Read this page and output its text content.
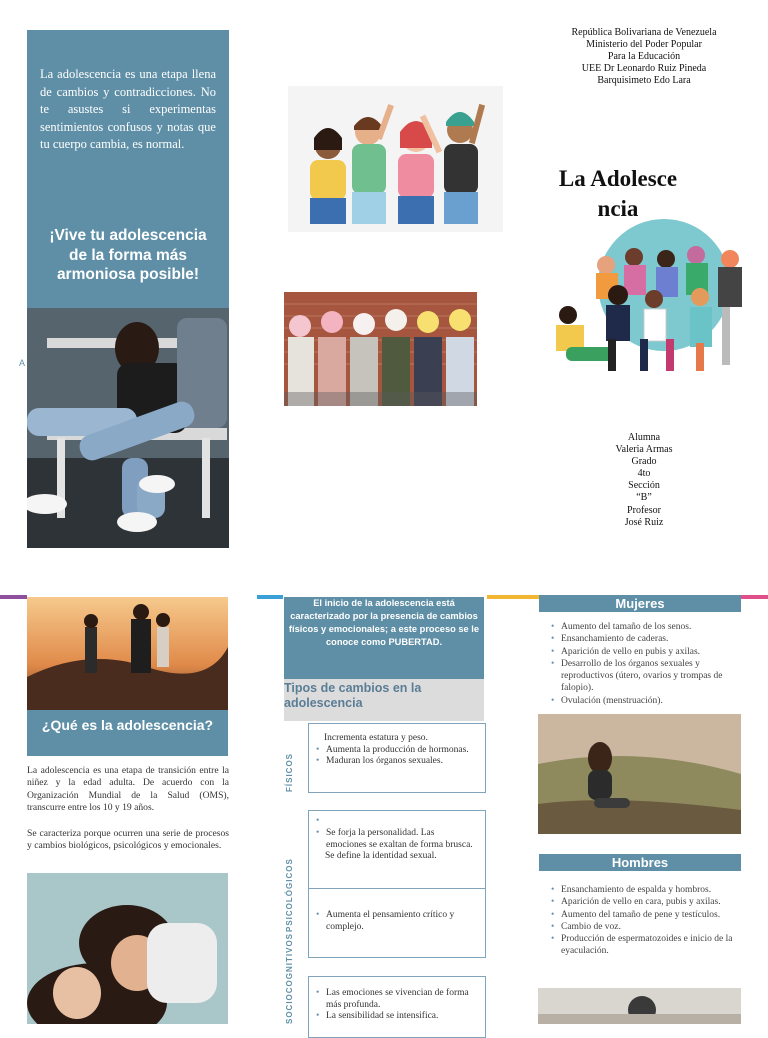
La adolescencia es una etapa llena de cambios y contradicciones. No te asustes si experimentas sentimientos confusos y notas que tu cuerpo cambia, es normal.
¡Vive tu adolescencia de la forma más armoniosa posible!
A
República Bolivariana de Venezuela
Ministerio del Poder Popular
Para la Educación
UEE Dr Leonardo Ruiz Pineda
Barquisimeto Edo Lara
La Adolescencia
Alumna
Valeria Armas
Grado
4to
Sección
“B”
Profesor
José Ruiz
¿Qué es la adolescencia?
La adolescencia es una etapa de transición entre la niñez y la edad adulta. De acuerdo con la Organización Mundial de la Salud (OMS), transcurre entre los 10 y 19 años.
Se caracteriza porque ocurren una serie de procesos y cambios biológicos, psicológicos y emocionales.
El inicio de la adolescencia está caracterizado por la presencia de cambios físicos y emocionales; a este proceso se le conoce como PUBERTAD.
Tipos de cambios en la adolescencia
FÍSICOS
PSICOLÓGICOS
SOCIOCOGNITIVOS
Incrementa estatura y peso.
• Aumenta la producción de hormonas.
• Maduran los órganos sexuales.
•
• Se forja la personalidad. Las emociones se exaltan de forma brusca.
Se define la identidad sexual.
• Aumenta el pensamiento crítico y complejo.
• Las emociones se vivencian de forma más profunda.
• La sensibilidad se intensifica.
Mujeres
• Aumento del tamaño de los senos.
• Ensanchamiento de caderas.
• Aparición de vello en pubis y axilas.
• Desarrollo de los órganos sexuales y reproductivos (útero, ovarios y trompas de falopio).
• Ovulación (menstruación).
Hombres
• Ensanchamiento de espalda y hombros.
• Aparición de vello en cara, pubis y axilas.
• Aumento del tamaño de pene y testículos.
• Cambio de voz.
• Producción de espermatozoides e inicio de la eyaculación.
